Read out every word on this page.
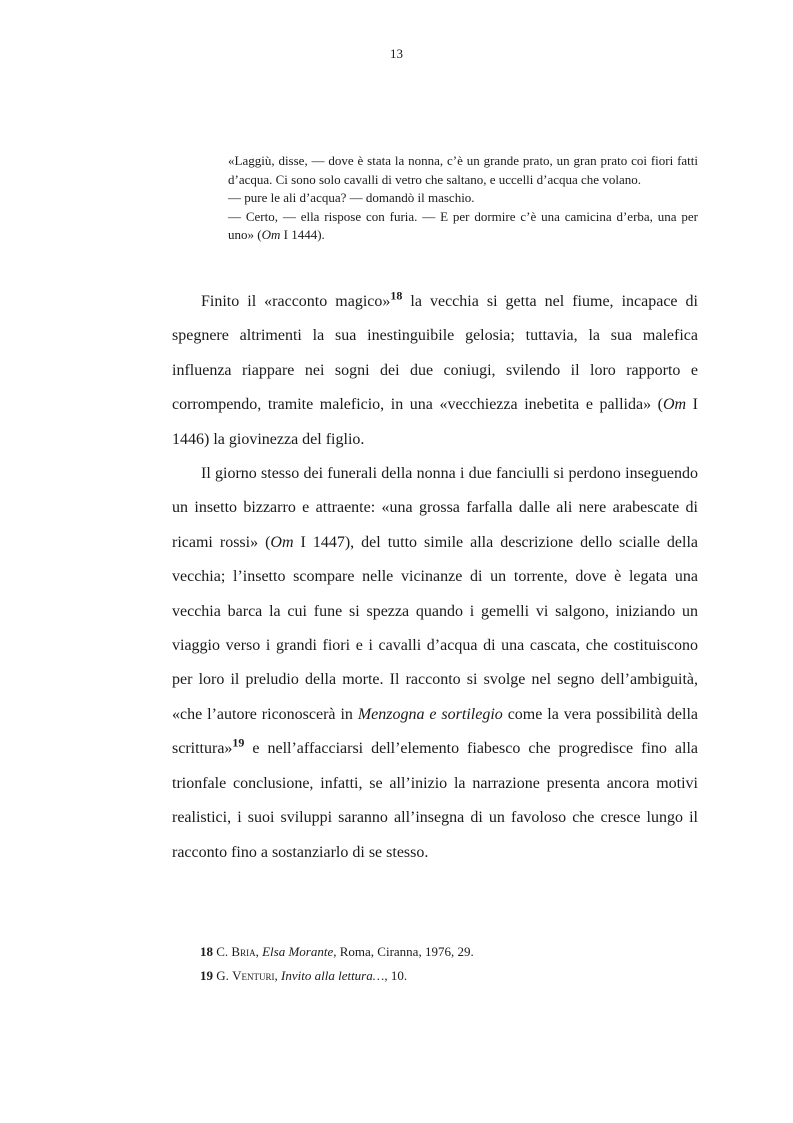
13

«Laggiù, disse, — dove è stata la nonna, c’è un grande prato, un gran prato coi fiori fatti d’acqua. Ci sono solo cavalli di vetro che saltano, e uccelli d’acqua che volano.

— pure le ali d’acqua? — domandò il maschio.

— Certo, — ella rispose con furia. — E per dormire c’è una camicina d’erba, una per uno» (Om I 1444).

Finito il «racconto magico»$^{18}$ la vecchia si getta nel fiume, incapace di spegnere altrimenti la sua inestinguibile gelosia; tuttavia, la sua malefica influenza riappare nei sogni dei due coniugi, svilendo il loro rapporto e corrompendo, tramite maleficio, in una «vecchiezza inebetita e pallida» (Om I 1446) la giovinezza del figlio.

Il giorno stesso dei funerali della nonna i due fanciulli si perdono inseguendo un insetto bizzarro e attraente: «una grossa farfalla dalle ali nere arabescate di ricami rossi» (Om I 1447), del tutto simile alla descrizione dello scialle della vecchia; l’insetto scompare nelle vicinanze di un torrente, dove è legata una vecchia barca la cui fune si spezza quando i gemelli vi salgono, iniziando un viaggio verso i grandi fiori e i cavalli d’acqua di una cascata, che costituiscono per loro il preludio della morte. Il racconto si svolge nel segno dell’ambiguità, «che l’autore riconoscerà in Menzogna e sortilegio come la vera possibilità della scrittura»$^{19}$ e nell’affacciarsi dell’elemento fiabesco che progredisce fino alla trionfale conclusione, infatti, se all’inizio la narrazione presenta ancora motivi realistici, i suoi sviluppi saranno all’insegna di un favoloso che cresce lungo il racconto fino a sostanziarlo di se stesso.

18 C. Bria, Elsa Morante, Roma, Ciranna, 1976, 29.

19 G. Venturi, Invito alla lettura…, 10.
